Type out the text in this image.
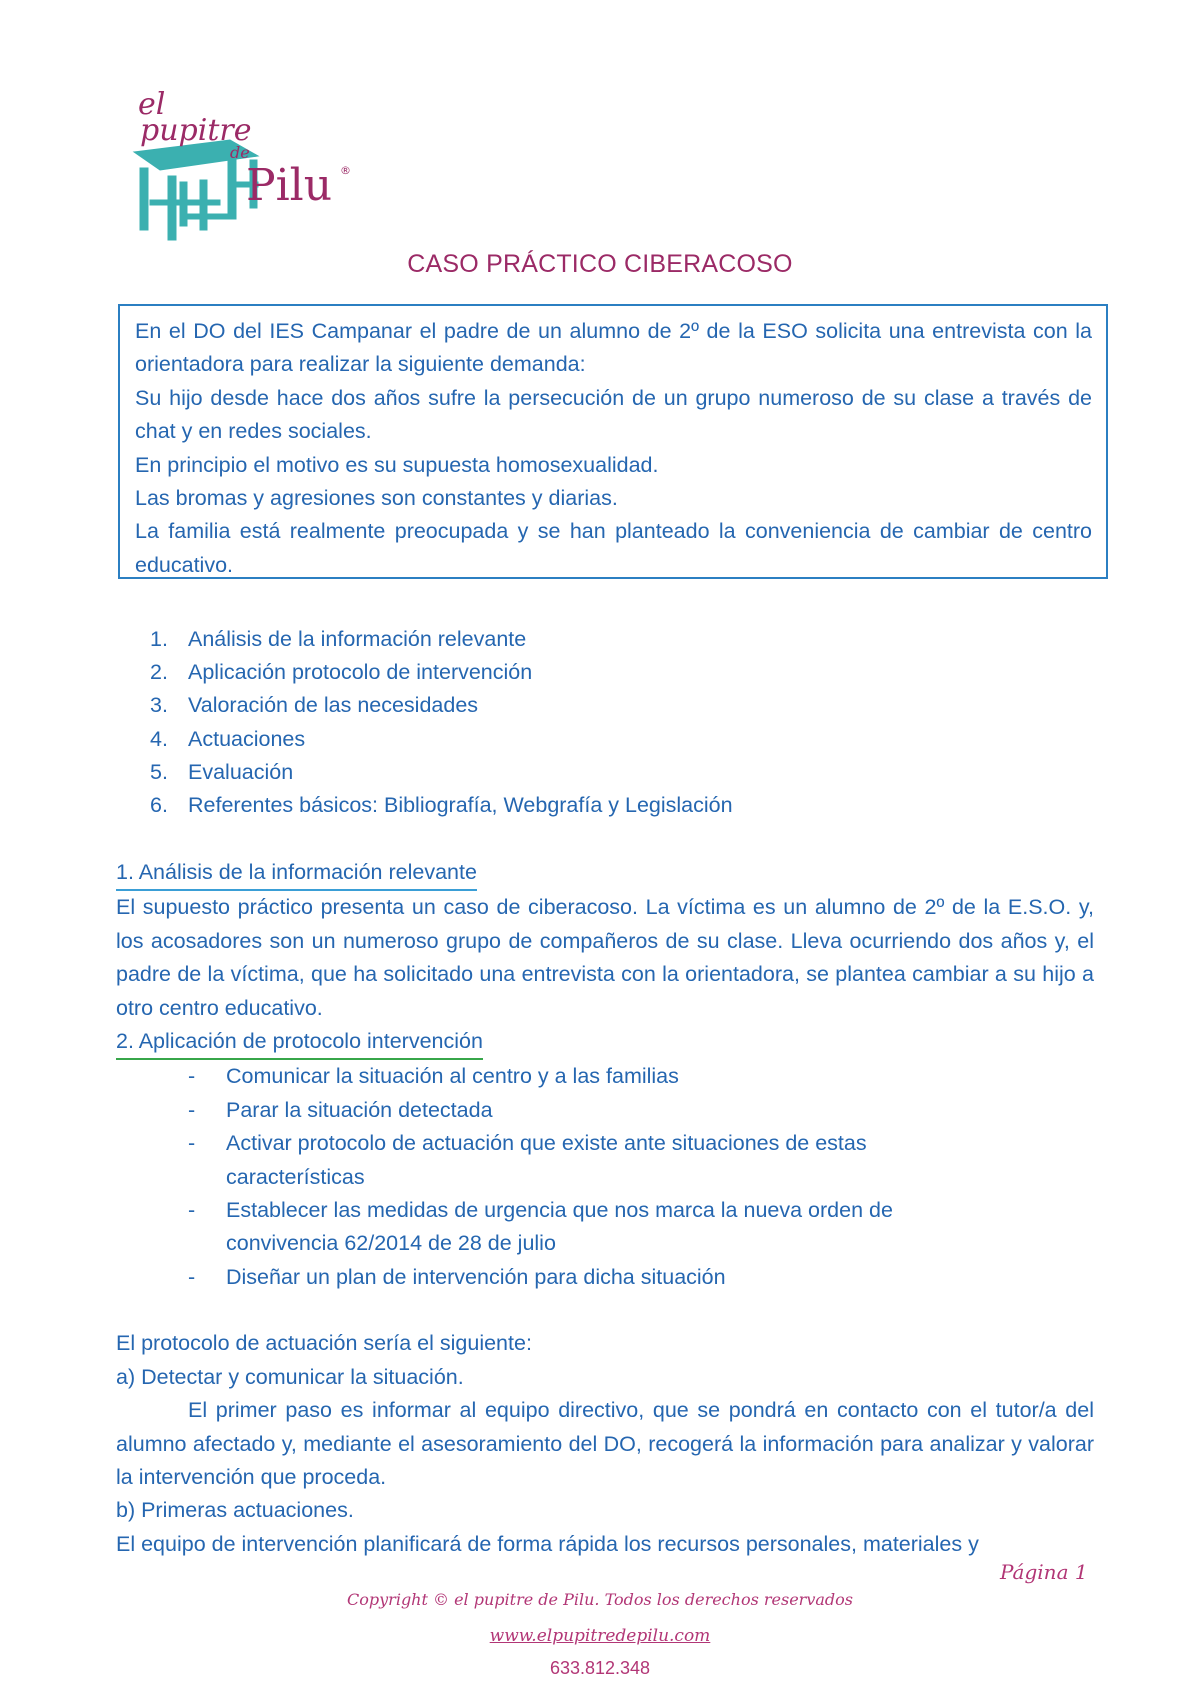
el
pupitre
de
Pilu ®
CASO PRÁCTICO CIBERACOSO

En el DO del IES Campanar el padre de un alumno de 2º de la ESO solicita una entrevista con la orientadora para realizar la siguiente demanda:

Su hijo desde hace dos años sufre la persecución de un grupo numeroso de su clase a través de chat y en redes sociales.

En principio el motivo es su supuesta homosexualidad.

Las bromas y agresiones son constantes y diarias.

La familia está realmente preocupada y se han planteado la conveniencia de cambiar de centro educativo.

1. Análisis de la información relevante
2. Aplicación protocolo de intervención
3. Valoración de las necesidades
4. Actuaciones
5. Evaluación
6. Referentes básicos: Bibliografía, Webgrafía y Legislación
1. Análisis de la información relevante
El supuesto práctico presenta un caso de ciberacoso. La víctima es un alumno de 2º de la E.S.O. y, los acosadores son un numeroso grupo de compañeros de su clase. Lleva ocurriendo dos años y, el padre de la víctima, que ha solicitado una entrevista con la orientadora, se plantea cambiar a su hijo a otro centro educativo.
2. Aplicación de protocolo intervención
-	Comunicar la situación al centro y a las familias
-	Parar la situación detectada
-	Activar protocolo de actuación que existe ante situaciones de estas características
-	Establecer las medidas de urgencia que nos marca la nueva orden de convivencia 62/2014 de 28 de julio
-	Diseñar un plan de intervención para dicha situación
El protocolo de actuación sería el siguiente:
a) Detectar y comunicar la situación.
El primer paso es informar al equipo directivo, que se pondrá en contacto con el tutor/a del alumno afectado y, mediante el asesoramiento del DO, recogerá la información para analizar y valorar la intervención que proceda.
b) Primeras actuaciones.
El equipo de intervención planificará de forma rápida los recursos personales, materiales y
Página 1
Copyright © el pupitre de Pilu. Todos los derechos reservados
www.elpupitredepilu.com
633.812.348
